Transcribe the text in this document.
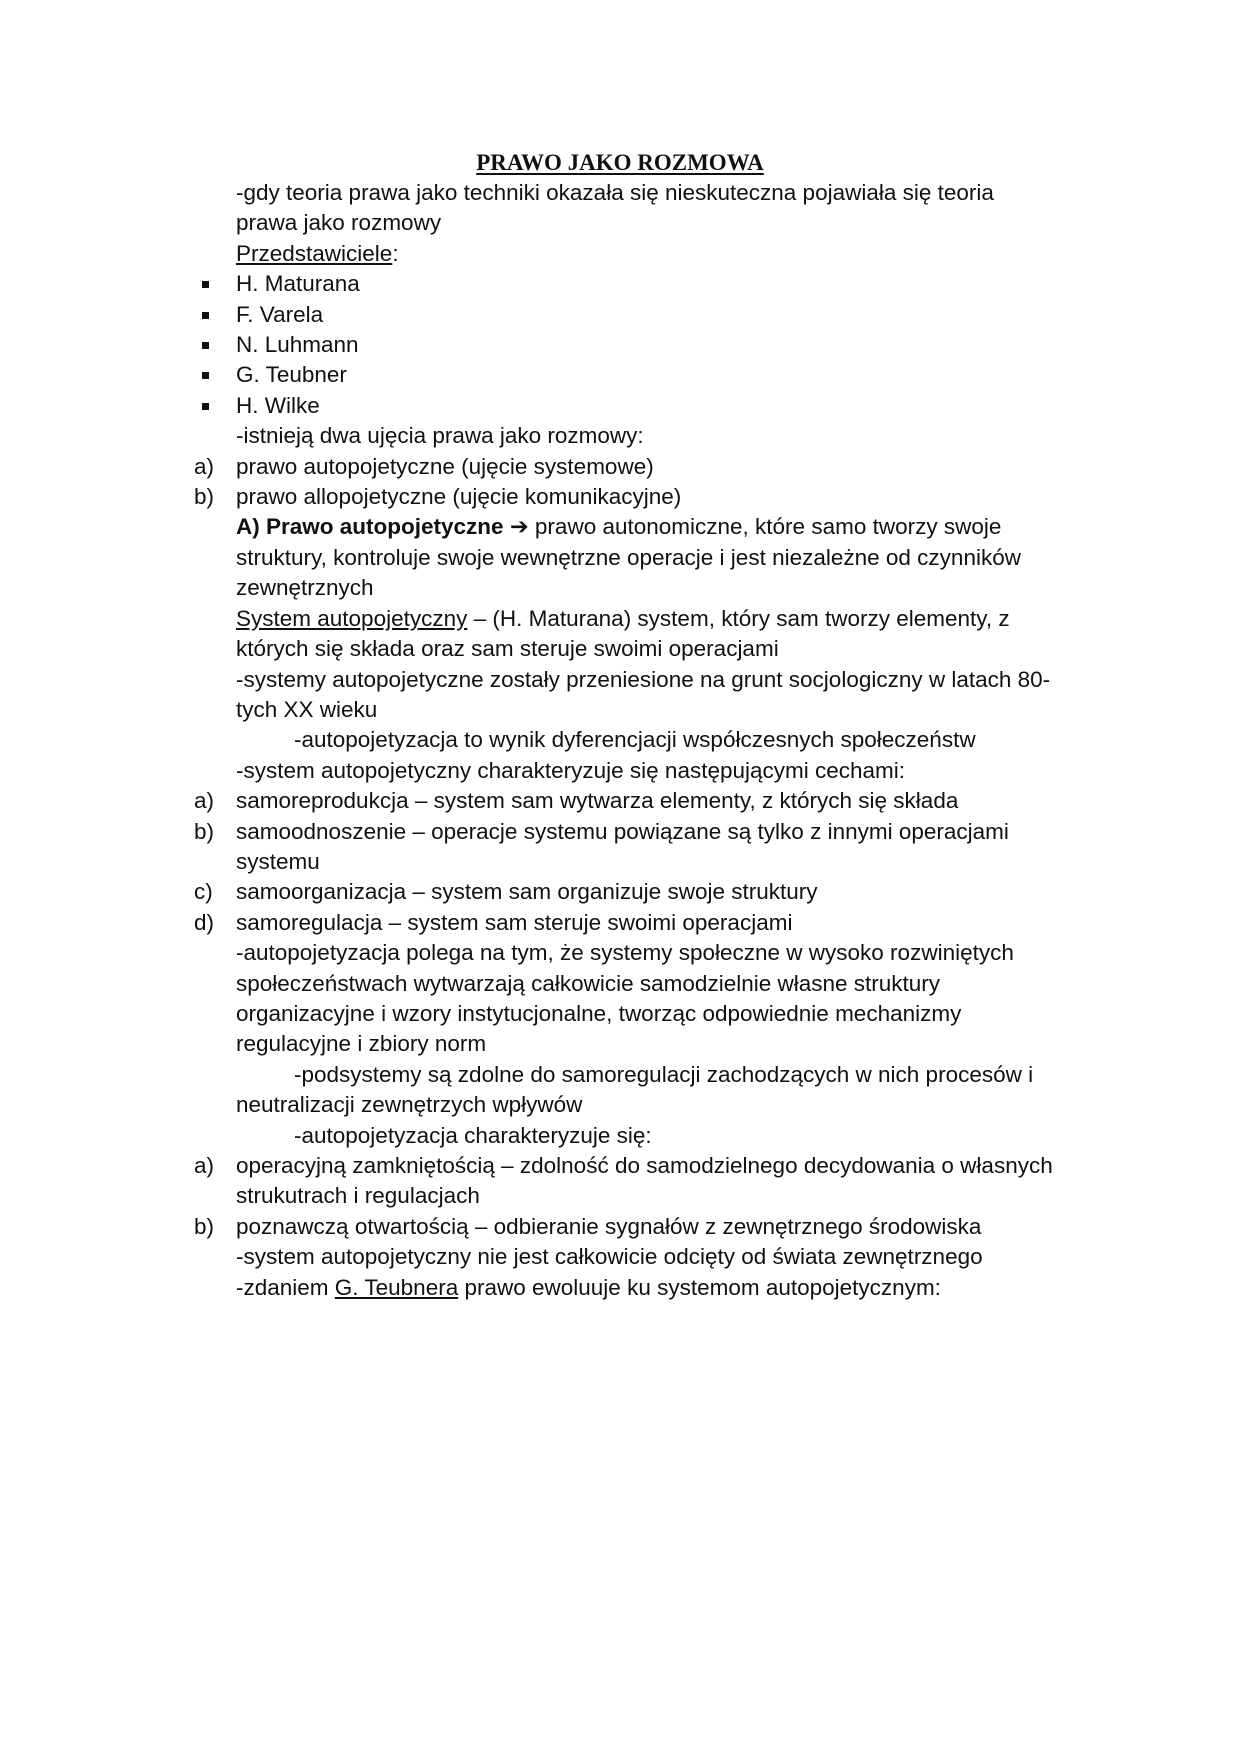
PRAWO JAKO ROZMOWA

-gdy teoria prawa jako techniki okazała się nieskuteczna pojawiała się teoria

prawa jako rozmowy

Przedstawiciele:

H. Maturana

F. Varela

N. Luhmann

G. Teubner

H. Wilke

-istnieją dwa ujęcia prawa jako rozmowy:

a) prawo autopojetyczne (ujęcie systemowe)

b) prawo allopojetyczne (ujęcie komunikacyjne)

A) Prawo autopojetyczne ➔ prawo autonomiczne, które samo tworzy swoje

struktury, kontroluje swoje wewnętrzne operacje i jest niezależne od czynników

zewnętrznych

System autopojetyczny – (H. Maturana) system, który sam tworzy elementy, z

których się składa oraz sam steruje swoimi operacjami

-systemy autopojetyczne zostały przeniesione na grunt socjologiczny w latach 80-

tych XX wieku

-autopojetyzacja to wynik dyferencjacji współczesnych społeczeństw

-system autopojetyczny charakteryzuje się następującymi cechami:

a) samoreprodukcja – system sam wytwarza elementy, z których się składa

b) samoodnoszenie – operacje systemu powiązane są tylko z innymi operacjami

systemu

c) samoorganizacja – system sam organizuje swoje struktury

d) samoregulacja – system sam steruje swoimi operacjami

-autopojetyzacja polega na tym, że systemy społeczne w wysoko rozwiniętych

społeczeństwach wytwarzają całkowicie samodzielnie własne struktury

organizacyjne i wzory instytucjonalne, tworząc odpowiednie mechanizmy

regulacyjne i zbiory norm

-podsystemy są zdolne do samoregulacji zachodzących w nich procesów i

neutralizacji zewnętrzych wpływów

-autopojetyzacja charakteryzuje się:

a) operacyjną zamkniętością – zdolność do samodzielnego decydowania o własnych

strukutrach i regulacjach

b) poznawczą otwartością – odbieranie sygnałów z zewnętrznego środowiska

-system autopojetyczny nie jest całkowicie odcięty od świata zewnętrznego

-zdaniem G. Teubnera prawo ewoluuje ku systemom autopojetycznym:
